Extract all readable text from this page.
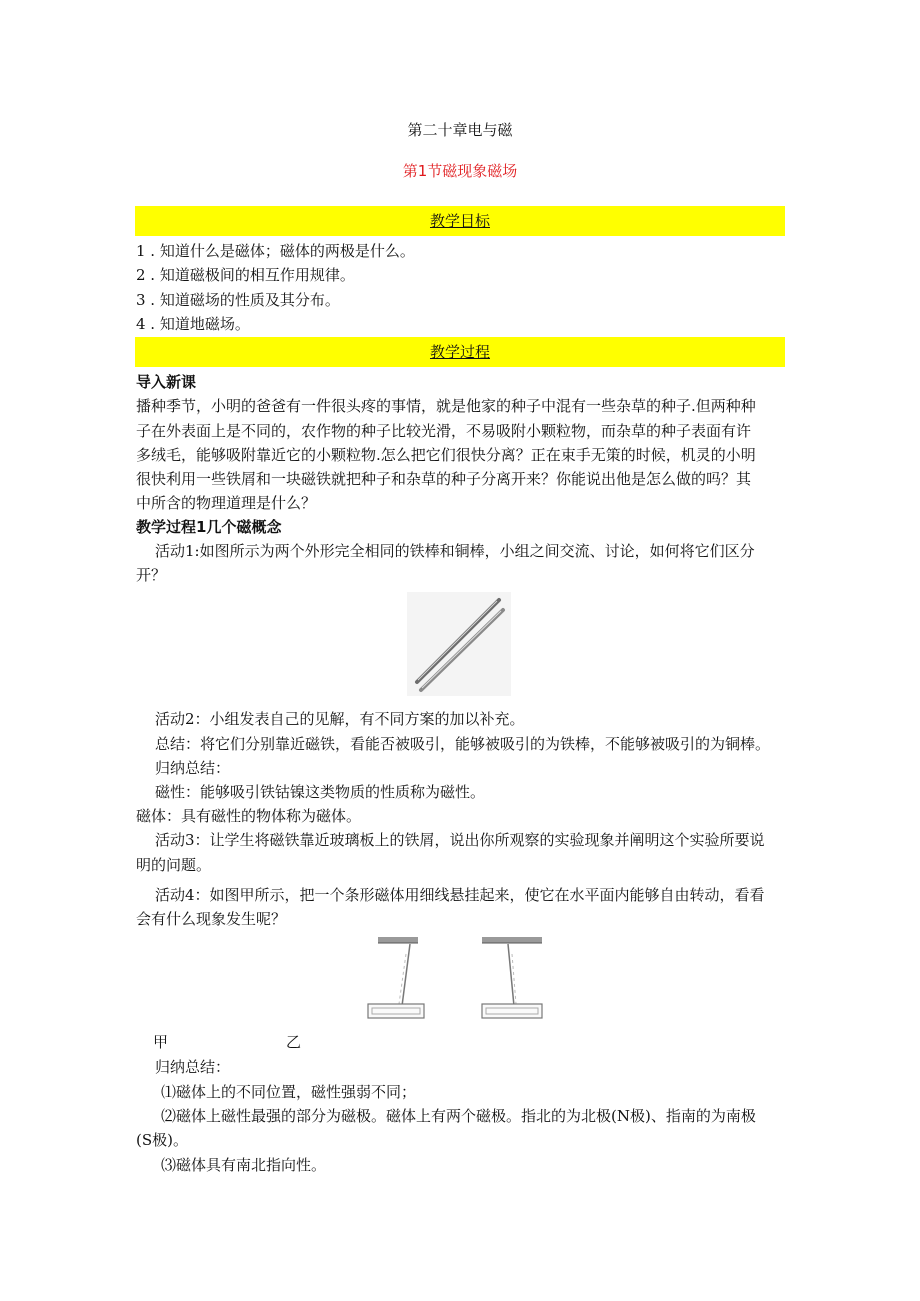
第二十章电与磁
第1节磁现象磁场
教学目标
1 . 知道什么是磁体；磁体的两极是什么。
2 . 知道磁极间的相互作用规律。
3 . 知道磁场的性质及其分布。
4 . 知道地磁场。
教学过程
导入新课
播种季节，小明的爸爸有一件很头疼的事情，就是他家的种子中混有一些杂草的种子.但两种种
子在外表面上是不同的，农作物的种子比较光滑，不易吸附小颗粒物，而杂草的种子表面有许
多绒毛，能够吸附靠近它的小颗粒物.怎么把它们很快分离？正在束手无策的时候，机灵的小明
很快利用一些铁屑和一块磁铁就把种子和杂草的种子分离开来？你能说出他是怎么做的吗？其
中所含的物理道理是什么？
教学过程1几个磁概念
活动1:如图所示为两个外形完全相同的铁棒和铜棒，小组之间交流、讨论，如何将它们区分
开？
活动2：小组发表自己的见解，有不同方案的加以补充。
总结：将它们分别靠近磁铁，看能否被吸引，能够被吸引的为铁棒，不能够被吸引的为铜棒。
归纳总结：
磁性：能够吸引铁钴镍这类物质的性质称为磁性。
磁体：具有磁性的物体称为磁体。
活动3：让学生将磁铁靠近玻璃板上的铁屑，说出你所观察的实验现象并阐明这个实验所要说
明的问题。
活动4：如图甲所示，把一个条形磁体用细线悬挂起来，使它在水平面内能够自由转动，看看
会有什么现象发生呢？
甲	乙
归纳总结：
⑴磁体上的不同位置，磁性强弱不同；
⑵磁体上磁性最强的部分为磁极。磁体上有两个磁极。指北的为北极(N极)、指南的为南极
(S极)。
⑶磁体具有南北指向性。
